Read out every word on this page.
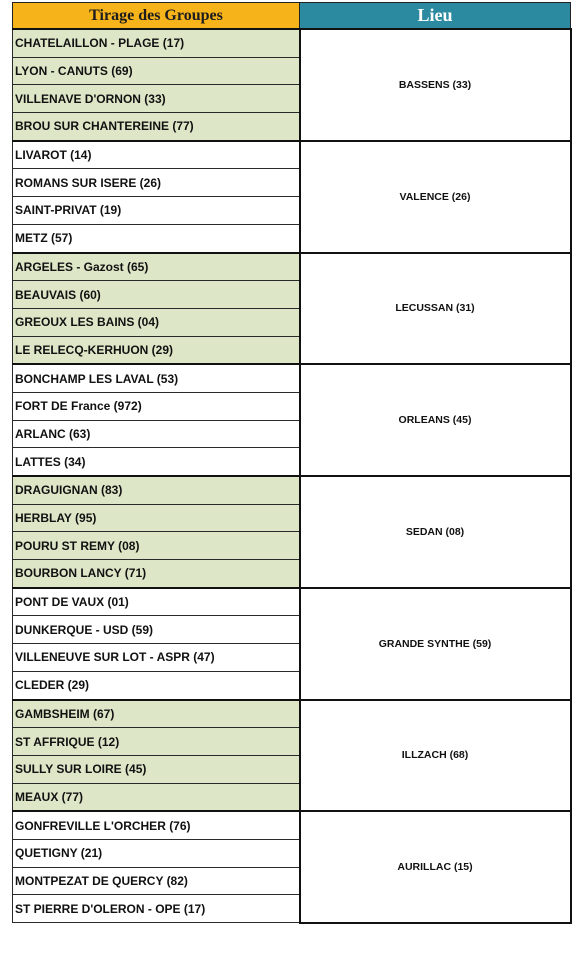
Tirage des Groupes	Lieu
CHATELAILLON - PLAGE (17)	BASSENS (33)
LYON - CANUTS (69)	
VILLENAVE D'ORNON (33)	
BROU SUR CHANTEREINE (77)	
LIVAROT (14)	VALENCE (26)
ROMANS SUR ISERE (26)	
SAINT-PRIVAT (19)	
METZ (57)	
ARGELES - Gazost (65)	LECUSSAN (31)
BEAUVAIS (60)	
GREOUX LES BAINS (04)	
LE RELECQ-KERHUON (29)	
BONCHAMP LES LAVAL (53)	ORLEANS (45)
FORT DE France (972)	
ARLANC (63)	
LATTES (34)	
DRAGUIGNAN (83)	SEDAN (08)
HERBLAY (95)	
POURU ST REMY (08)	
BOURBON LANCY (71)	
PONT DE VAUX (01)	GRANDE SYNTHE (59)
DUNKERQUE - USD (59)	
VILLENEUVE SUR LOT - ASPR (47)	
CLEDER (29)	
GAMBSHEIM (67)	ILLZACH (68)
ST AFFRIQUE (12)	
SULLY SUR LOIRE (45)	
MEAUX (77)	
GONFREVILLE L'ORCHER (76)	AURILLAC (15)
QUETIGNY (21)	
MONTPEZAT DE QUERCY (82)	
ST PIERRE D'OLERON - OPE (17)	
